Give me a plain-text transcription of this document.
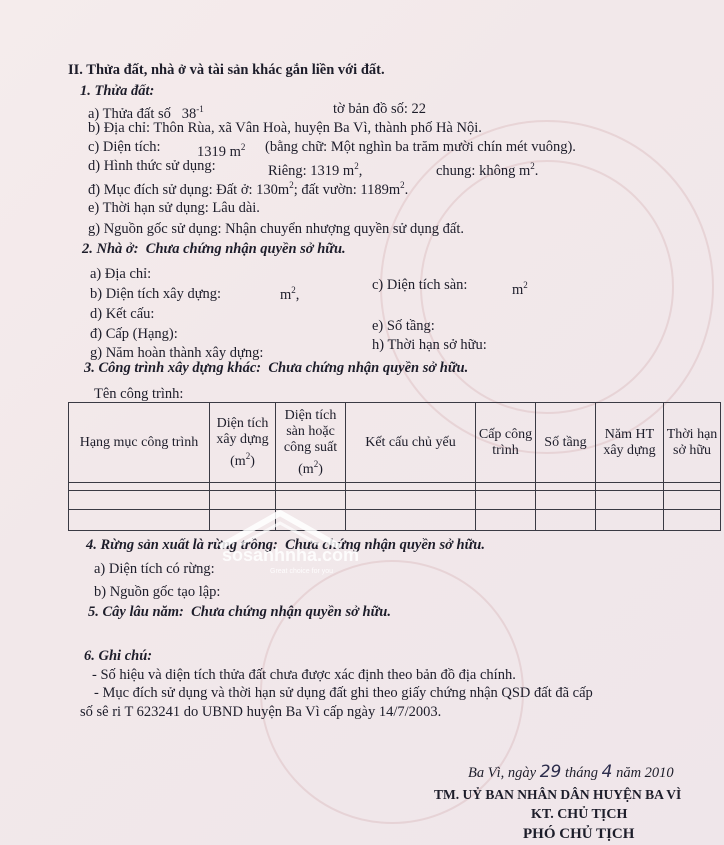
II. Thửa đất, nhà ở và tài sản khác gắn liền với đất.
1. Thửa đất:
a) Thửa đất số $38^{-1}$	tờ bản đồ số: 22
b) Địa chỉ: Thôn Rùa, xã Vân Hoà, huyện Ba Vì, thành phố Hà Nội.
c) Diện tích:	1319 $m^2$ (bằng chữ: Một nghìn ba trăm mười chín mét vuông).
d) Hình thức sử dụng:	Riêng: 1319 $m^2$,	chung: không $m^2$.
đ) Mục đích sử dụng: Đất ở: $130m^2$; đất vườn: $1189m^2$.
e) Thời hạn sử dụng: Lâu dài.
g) Nguồn gốc sử dụng: Nhận chuyển nhượng quyền sử dụng đất.
2. Nhà ở: Chưa chứng nhận quyền sở hữu.
a) Địa chỉ:
b) Diện tích xây dựng:	$m^2$,
c) Diện tích sàn:	$m^2$
d) Kết cấu:
đ) Cấp (Hạng):	e) Số tầng:
g) Năm hoàn thành xây dựng:	h) Thời hạn sở hữu:
3. Công trình xây dựng khác: Chưa chứng nhận quyền sở hữu.
Tên công trình:
Hạng mục công trình	Diện tích xây dựng $(m^2)$	Diện tích sàn hoặc công suất $(m^2)$	Kết cấu chủ yếu	Cấp công trình	Số tầng	Năm HT xây dựng	Thời hạn sở hữu

4. Rừng sản xuất là rừng trồng: Chưa chứng nhận quyền sở hữu.
a) Diện tích có rừng:
b) Nguồn gốc tạo lập:
sosanhnha.com
Great choice for you
5. Cây lâu năm: Chưa chứng nhận quyền sở hữu.
6. Ghi chú:
- Số hiệu và diện tích thửa đất chưa được xác định theo bản đồ địa chính.
- Mục đích sử dụng và thời hạn sử dụng đất ghi theo giấy chứng nhận QSD đất đã cấp
số sê ri T 623241 do UBND huyện Ba Vì cấp ngày 14/7/2003.
Ba Vì, ngày 29 tháng 4 năm 2010
TM. UỶ BAN NHÂN DÂN HUYỆN BA VÌ
KT. CHỦ TỊCH
PHÓ CHỦ TỊCH
